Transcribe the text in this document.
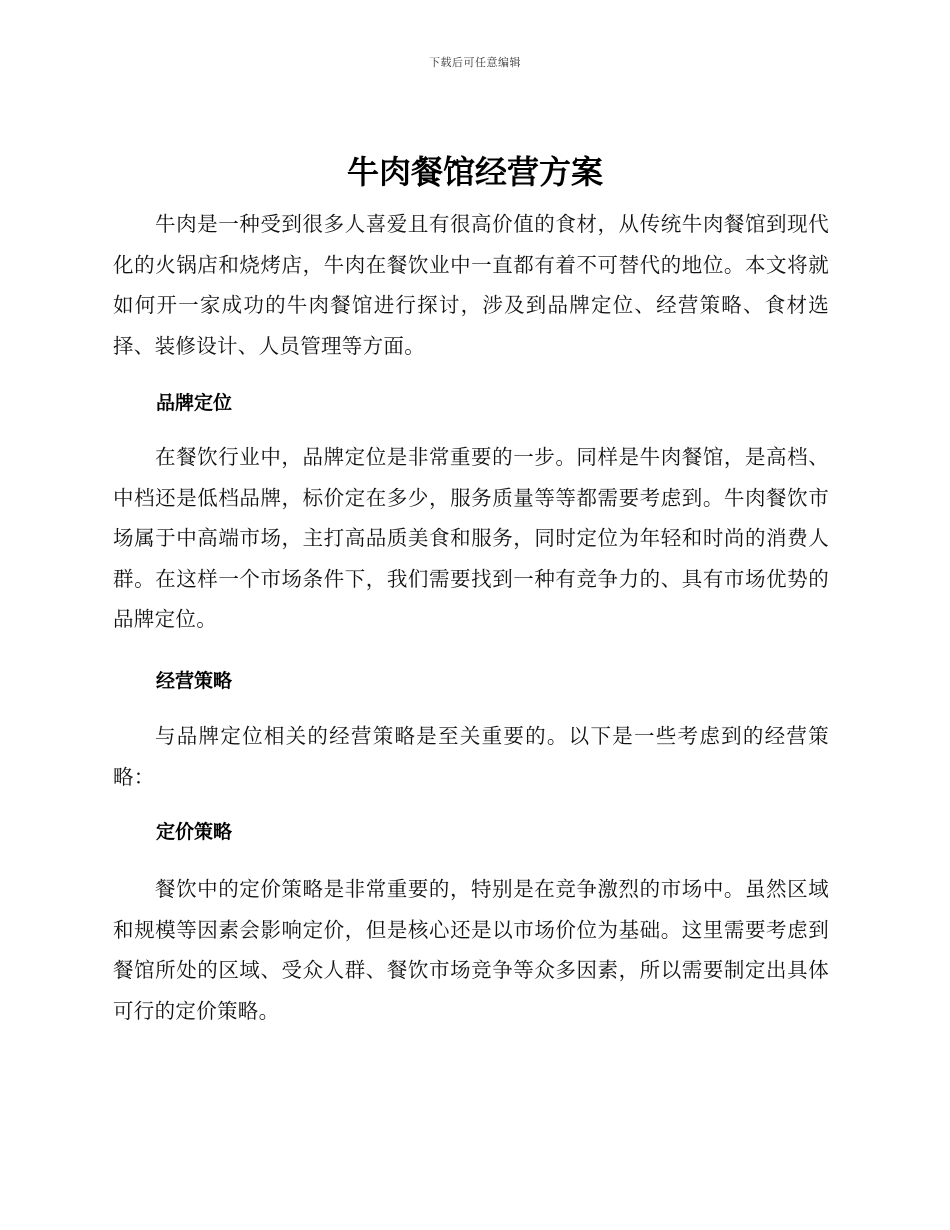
下载后可任意编辑
牛肉餐馆经营方案

牛肉是一种受到很多人喜爱且有很高价值的食材，从传统牛肉餐馆到现代化的火锅店和烧烤店，牛肉在餐饮业中一直都有着不可替代的地位。本文将就如何开一家成功的牛肉餐馆进行探讨，涉及到品牌定位、经营策略、食材选择、装修设计、人员管理等方面。

品牌定位

在餐饮行业中，品牌定位是非常重要的一步。同样是牛肉餐馆，是高档、中档还是低档品牌，标价定在多少，服务质量等等都需要考虑到。牛肉餐饮市场属于中高端市场，主打高品质美食和服务，同时定位为年轻和时尚的消费人群。在这样一个市场条件下，我们需要找到一种有竞争力的、具有市场优势的品牌定位。

经营策略

与品牌定位相关的经营策略是至关重要的。以下是一些考虑到的经营策略：

定价策略

餐饮中的定价策略是非常重要的，特别是在竞争激烈的市场中。虽然区域和规模等因素会影响定价，但是核心还是以市场价位为基础。这里需要考虑到餐馆所处的区域、受众人群、餐饮市场竞争等众多因素，所以需要制定出具体可行的定价策略。
